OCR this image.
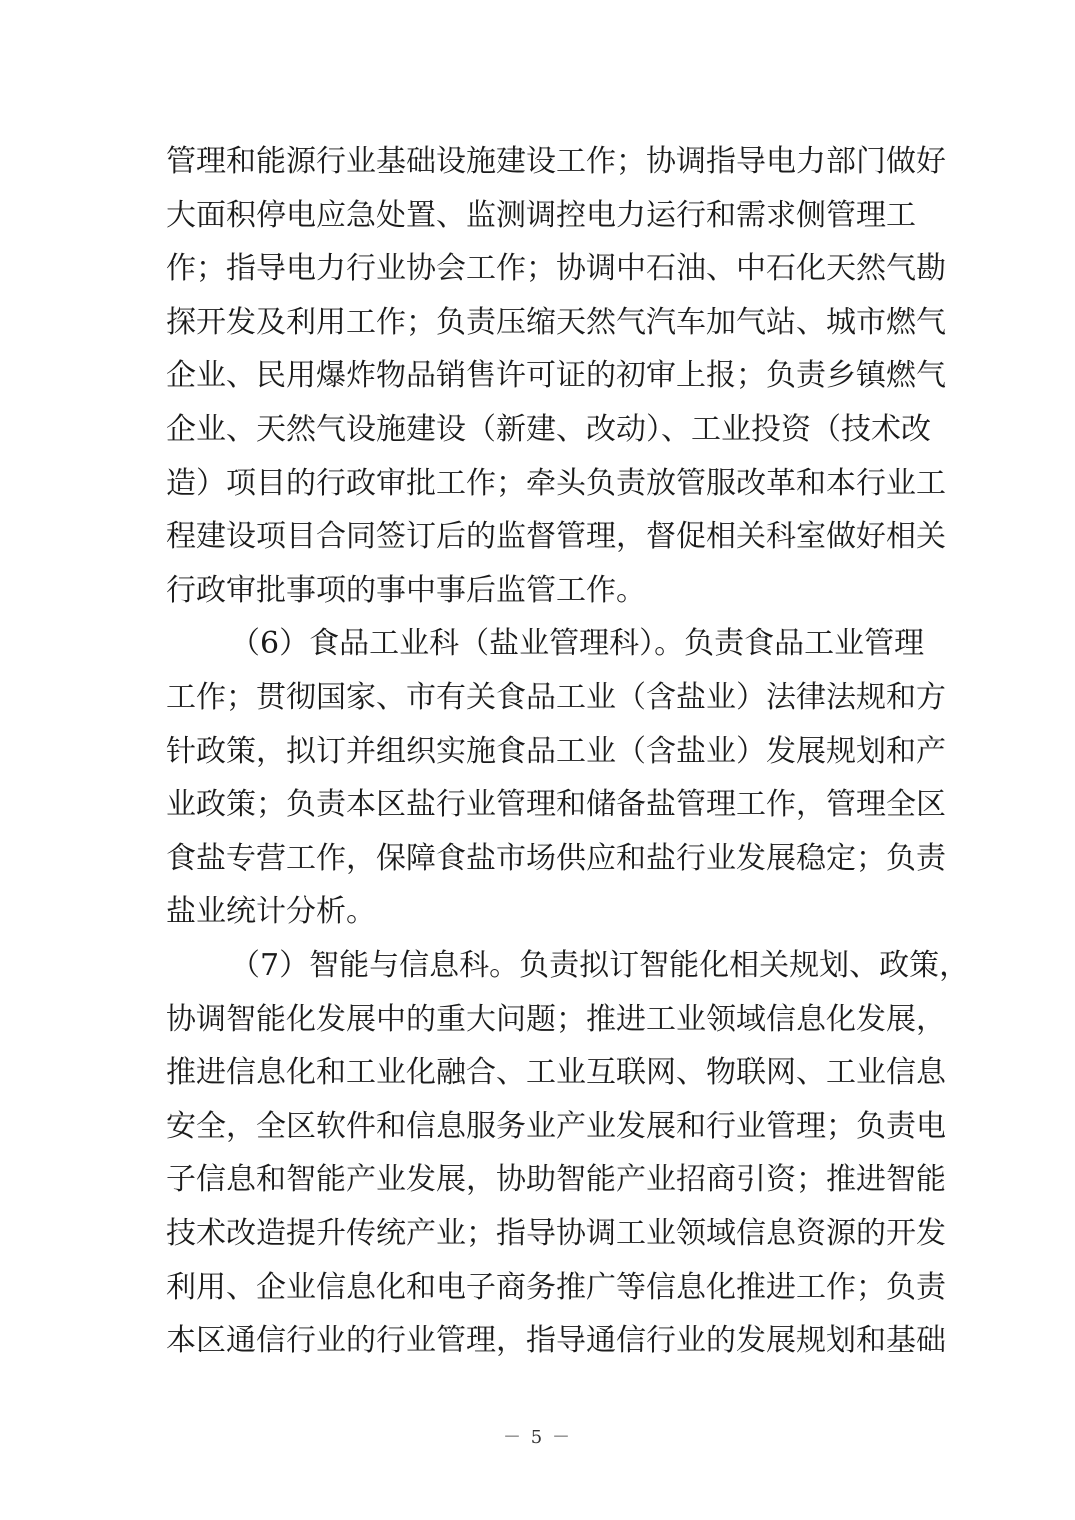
管理和能源行业基础设施建设工作；协调指导电力部门做好
大面积停电应急处置、监测调控电力运行和需求侧管理工
作；指导电力行业协会工作；协调中石油、中石化天然气勘
探开发及利用工作；负责压缩天然气汽车加气站、城市燃气
企业、民用爆炸物品销售许可证的初审上报；负责乡镇燃气
企业、天然气设施建设（新建、改动）、工业投资（技术改
造）项目的行政审批工作；牵头负责放管服改革和本行业工
程建设项目合同签订后的监督管理，督促相关科室做好相关
行政审批事项的事中事后监管工作。
（6）食品工业科（盐业管理科）。负责食品工业管理
工作；贯彻国家、市有关食品工业（含盐业）法律法规和方
针政策，拟订并组织实施食品工业（含盐业）发展规划和产
业政策；负责本区盐行业管理和储备盐管理工作，管理全区
食盐专营工作，保障食盐市场供应和盐行业发展稳定；负责
盐业统计分析。
（7）智能与信息科。负责拟订智能化相关规划、政策，
协调智能化发展中的重大问题；推进工业领域信息化发展，
推进信息化和工业化融合、工业互联网、物联网、工业信息
安全，全区软件和信息服务业产业发展和行业管理；负责电
子信息和智能产业发展，协助智能产业招商引资；推进智能
技术改造提升传统产业；指导协调工业领域信息资源的开发
利用、企业信息化和电子商务推广等信息化推进工作；负责
本区通信行业的行业管理，指导通信行业的发展规划和基础
－ 5 －
